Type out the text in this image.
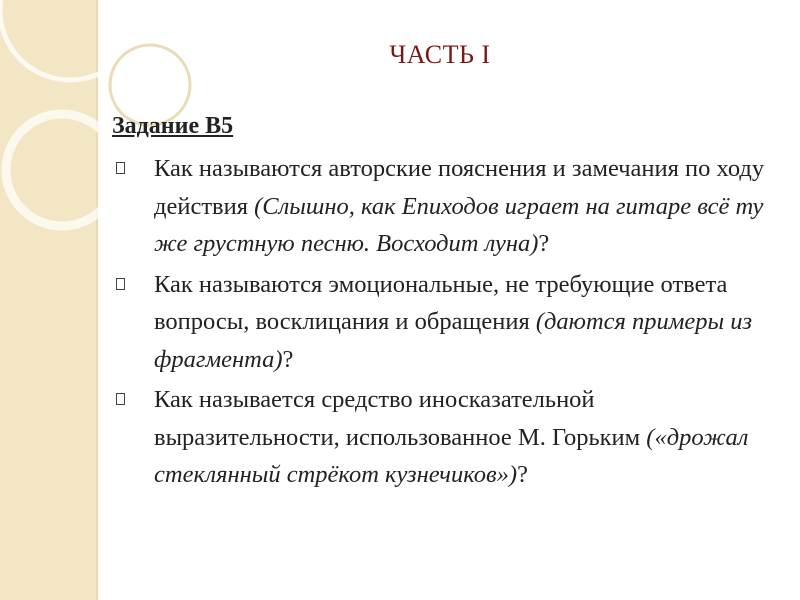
ЧАСТЬ I
Задание В5
Как называются авторские пояснения и замечания по ходу действия (Слышно, как Епиходов играет на гитаре всё ту же грустную песню. Восходит луна)?
Как называются эмоциональные, не требующие ответа вопросы, восклицания и обращения (даются примеры из фрагмента)?
Как называется средство иносказательной выразительности, использованное М. Горьким («дрожал стеклянный стрёкот кузнечиков»)?
